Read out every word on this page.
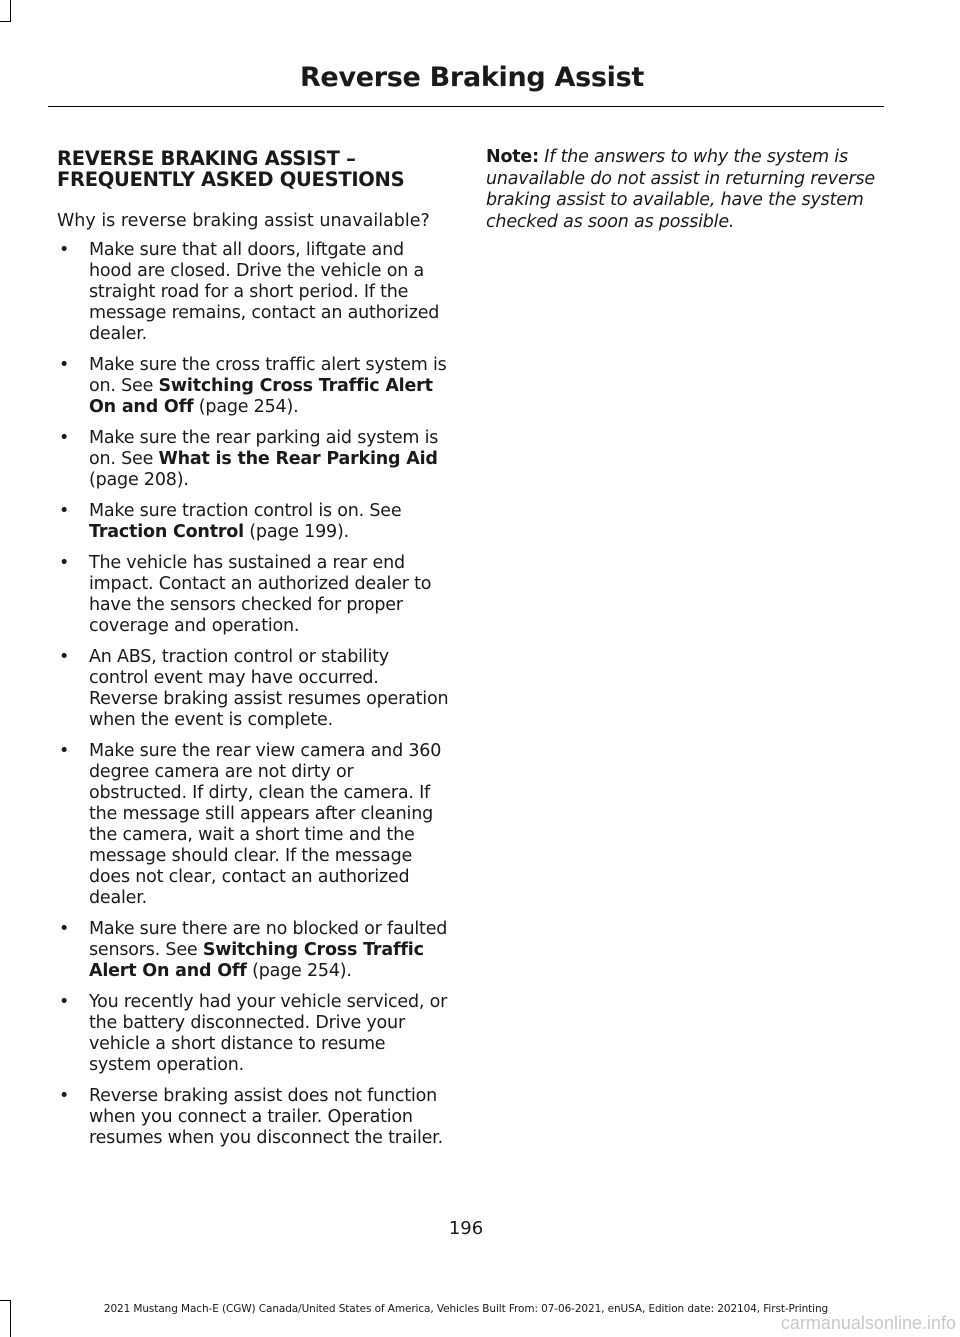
Reverse Braking Assist
REVERSE BRAKING ASSIST –
FREQUENTLY ASKED QUESTIONS

Why is reverse braking assist unavailable?

• Make sure that all doors, liftgate and hood are closed. Drive the vehicle on a straight road for a short period. If the message remains, contact an authorized dealer.
• Make sure the cross traffic alert system is on. See Switching Cross Traffic Alert On and Off (page 254).
• Make sure the rear parking aid system is on. See What is the Rear Parking Aid (page 208).
• Make sure traction control is on. See Traction Control (page 199).
• The vehicle has sustained a rear end impact. Contact an authorized dealer to have the sensors checked for proper coverage and operation.
• An ABS, traction control or stability control event may have occurred. Reverse braking assist resumes operation when the event is complete.
• Make sure the rear view camera and 360 degree camera are not dirty or obstructed. If dirty, clean the camera. If the message still appears after cleaning the camera, wait a short time and the message should clear. If the message does not clear, contact an authorized dealer.
• Make sure there are no blocked or faulted sensors. See Switching Cross Traffic Alert On and Off (page 254).
• You recently had your vehicle serviced, or the battery disconnected. Drive your vehicle a short distance to resume system operation.
• Reverse braking assist does not function when you connect a trailer. Operation resumes when you disconnect the trailer.

Note: If the answers to why the system is unavailable do not assist in returning reverse braking assist to available, have the system checked as soon as possible.

196
2021 Mustang Mach-E (CGW) Canada/United States of America, Vehicles Built From: 07-06-2021, enUSA, Edition date: 202104, First-Printing
carmanualsonline.info
